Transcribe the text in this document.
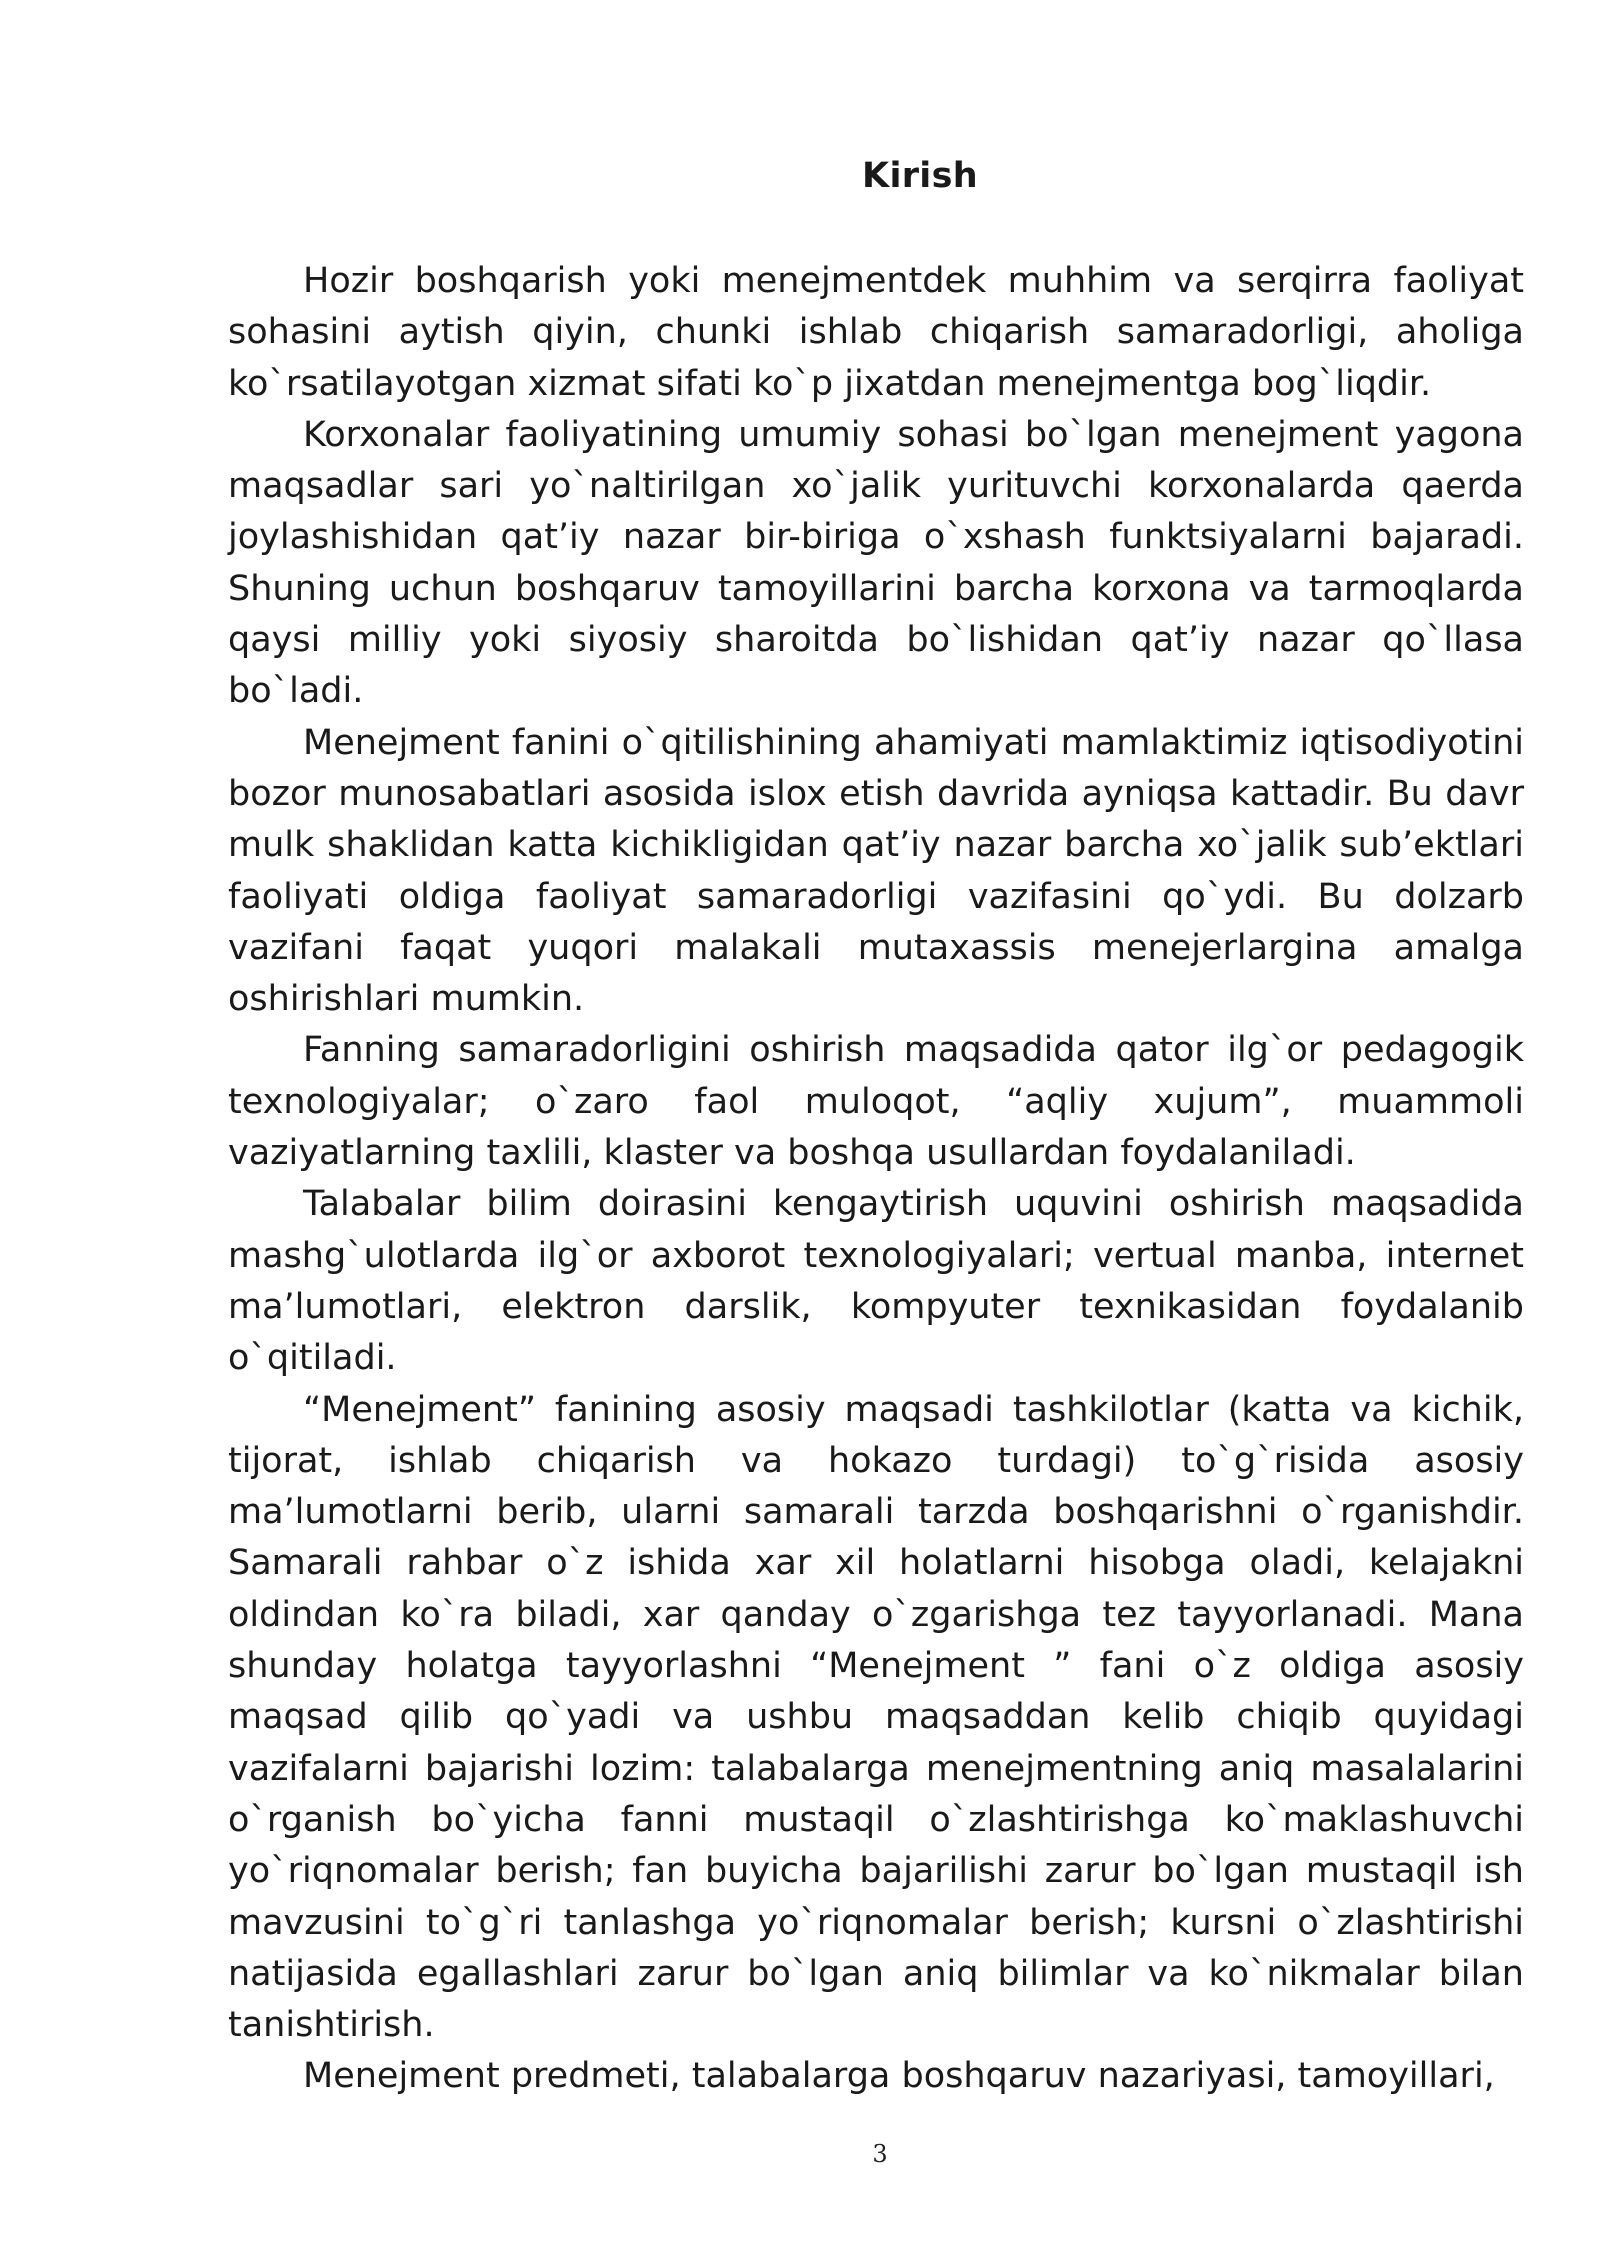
Kirish

Hozir boshqarish yoki menejmentdek muhhim va serqirra faoliyat sohasini aytish qiyin, chunki ishlab chiqarish samaradorligi, aholiga ko`rsatilayotgan xizmat sifati ko`p jixatdan menejmentga bog`liqdir.

Korxonalar faoliyatining umumiy sohasi bo`lgan menejment yagona maqsadlar sari yo`naltirilgan xo`jalik yurituvchi korxonalarda qaerda joylashishidan qat’iy nazar bir-biriga o`xshash funktsiyalarni bajaradi. Shuning uchun boshqaruv tamoyillarini barcha korxona va tarmoqlarda qaysi milliy yoki siyosiy sharoitda bo`lishidan qat’iy nazar qo`llasa bo`ladi.

Menejment fanini o`qitilishining ahamiyati mamlaktimiz iqtisodiyotini bozor munosabatlari asosida islox etish davrida ayniqsa kattadir. Bu davr mulk shaklidan katta kichikligidan qat’iy nazar barcha xo`jalik sub’ektlari faoliyati oldiga faoliyat samaradorligi vazifasini qo`ydi. Bu dolzarb vazifani faqat yuqori malakali mutaxassis menejerlargina amalga oshirishlari mumkin.

Fanning samaradorligini oshirish maqsadida qator ilg`or pedagogik texnologiyalar; o`zaro faol muloqot, “aqliy xujum”, muammoli vaziyatlarning taxlili, klaster va boshqa usullardan foydalaniladi.

Talabalar bilim doirasini kengaytirish uquvini oshirish maqsadida mashg`ulotlarda ilg`or axborot texnologiyalari; vertual manba, internet ma’lumotlari, elektron darslik, kompyuter texnikasidan foydalanib o`qitiladi.

“Menejment” fanining asosiy maqsadi tashkilotlar (katta va kichik, tijorat, ishlab chiqarish va hokazo turdagi) to`g`risida asosiy ma’lumotlarni berib, ularni samarali tarzda boshqarishni o`rganishdir. Samarali rahbar o`z ishida xar xil holatlarni hisobga oladi, kelajakni oldindan ko`ra biladi, xar qanday o`zgarishga tez tayyorlanadi. Mana shunday holatga tayyorlashni “Menejment ” fani o`z oldiga asosiy maqsad qilib qo`yadi va ushbu maqsaddan kelib chiqib quyidagi vazifalarni bajarishi lozim: talabalarga menejmentning aniq masalalarini o`rganish bo`yicha fanni mustaqil o`zlashtirishga ko`maklashuvchi yo`riqnomalar berish; fan buyicha bajarilishi zarur bo`lgan mustaqil ish mavzusini to`g`ri tanlashga yo`riqnomalar berish; kursni o`zlashtirishi natijasida egallashlari zarur bo`lgan aniq bilimlar va ko`nikmalar bilan tanishtirish.

Menejment predmeti, talabalarga boshqaruv nazariyasi, tamoyillari,

3
